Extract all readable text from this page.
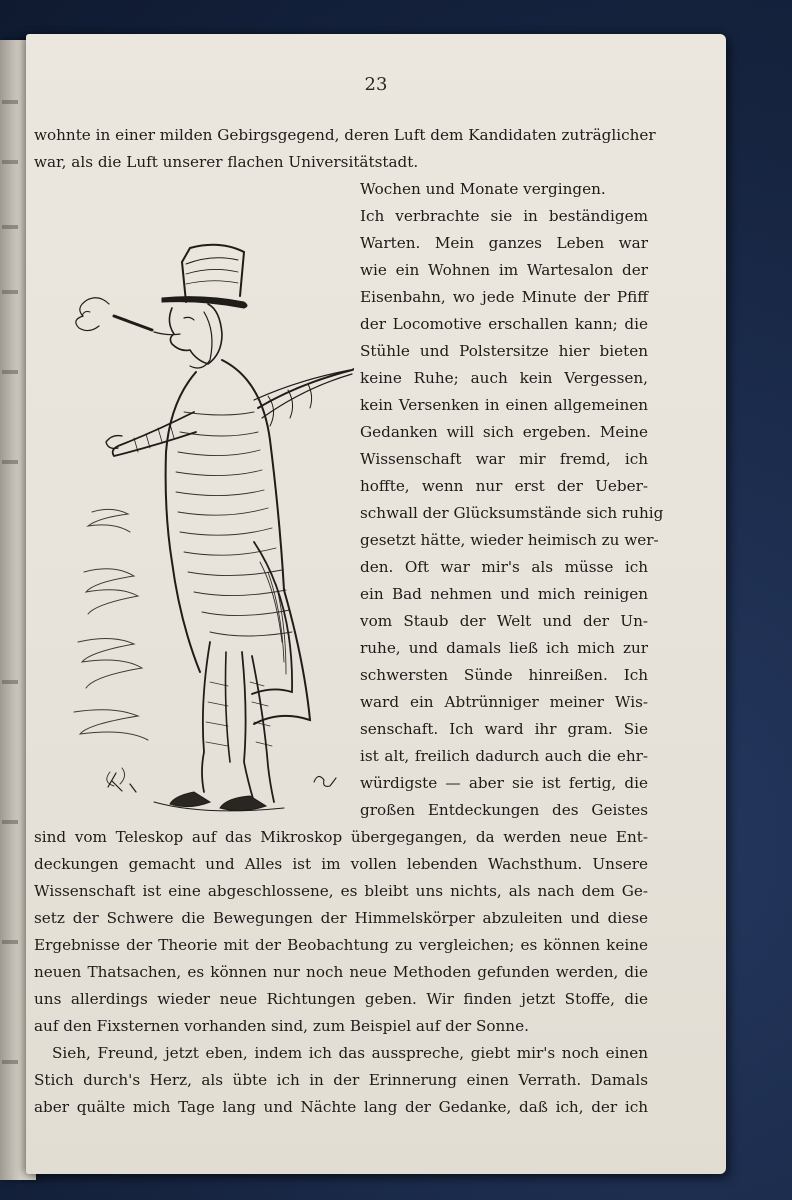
23
wohnte in einer milden Gebirgsgegend, deren Luft dem Kandidaten zuträglicher
war, als die Luft unserer flachen Universitätstadt.
Wochen und Monate vergingen.
Ich verbrachte sie in beständigem
Warten. Mein ganzes Leben war
wie ein Wohnen im Wartesalon der
Eisenbahn, wo jede Minute der Pfiff
der Locomotive erschallen kann; die
Stühle und Polstersitze hier bieten
keine Ruhe; auch kein Vergessen,
kein Versenken in einen allgemeinen
Gedanken will sich ergeben. Meine
Wissenschaft war mir fremd, ich
hoffte, wenn nur erst der Ueber-
schwall der Glücksumstände sich ruhig
gesetzt hätte, wieder heimisch zu wer-
den. Oft war mir's als müsse ich
ein Bad nehmen und mich reinigen
vom Staub der Welt und der Un-
ruhe, und damals ließ ich mich zur
schwersten Sünde hinreißen. Ich
ward ein Abtrünniger meiner Wis-
senschaft. Ich ward ihr gram. Sie
ist alt, freilich dadurch auch die ehr-
würdigste — aber sie ist fertig, die
großen Entdeckungen des Geistes
sind vom Teleskop auf das Mikroskop übergegangen, da werden neue Ent-
deckungen gemacht und Alles ist im vollen lebenden Wachsthum. Unsere
Wissenschaft ist eine abgeschlossene, es bleibt uns nichts, als nach dem Ge-
setz der Schwere die Bewegungen der Himmelskörper abzuleiten und diese
Ergebnisse der Theorie mit der Beobachtung zu vergleichen; es können keine
neuen Thatsachen, es können nur noch neue Methoden gefunden werden, die
uns allerdings wieder neue Richtungen geben. Wir finden jetzt Stoffe, die
auf den Fixsternen vorhanden sind, zum Beispiel auf der Sonne.
Sieh, Freund, jetzt eben, indem ich das ausspreche, giebt mir's noch einen
Stich durch's Herz, als übte ich in der Erinnerung einen Verrath. Damals
aber quälte mich Tage lang und Nächte lang der Gedanke, daß ich, der ich
